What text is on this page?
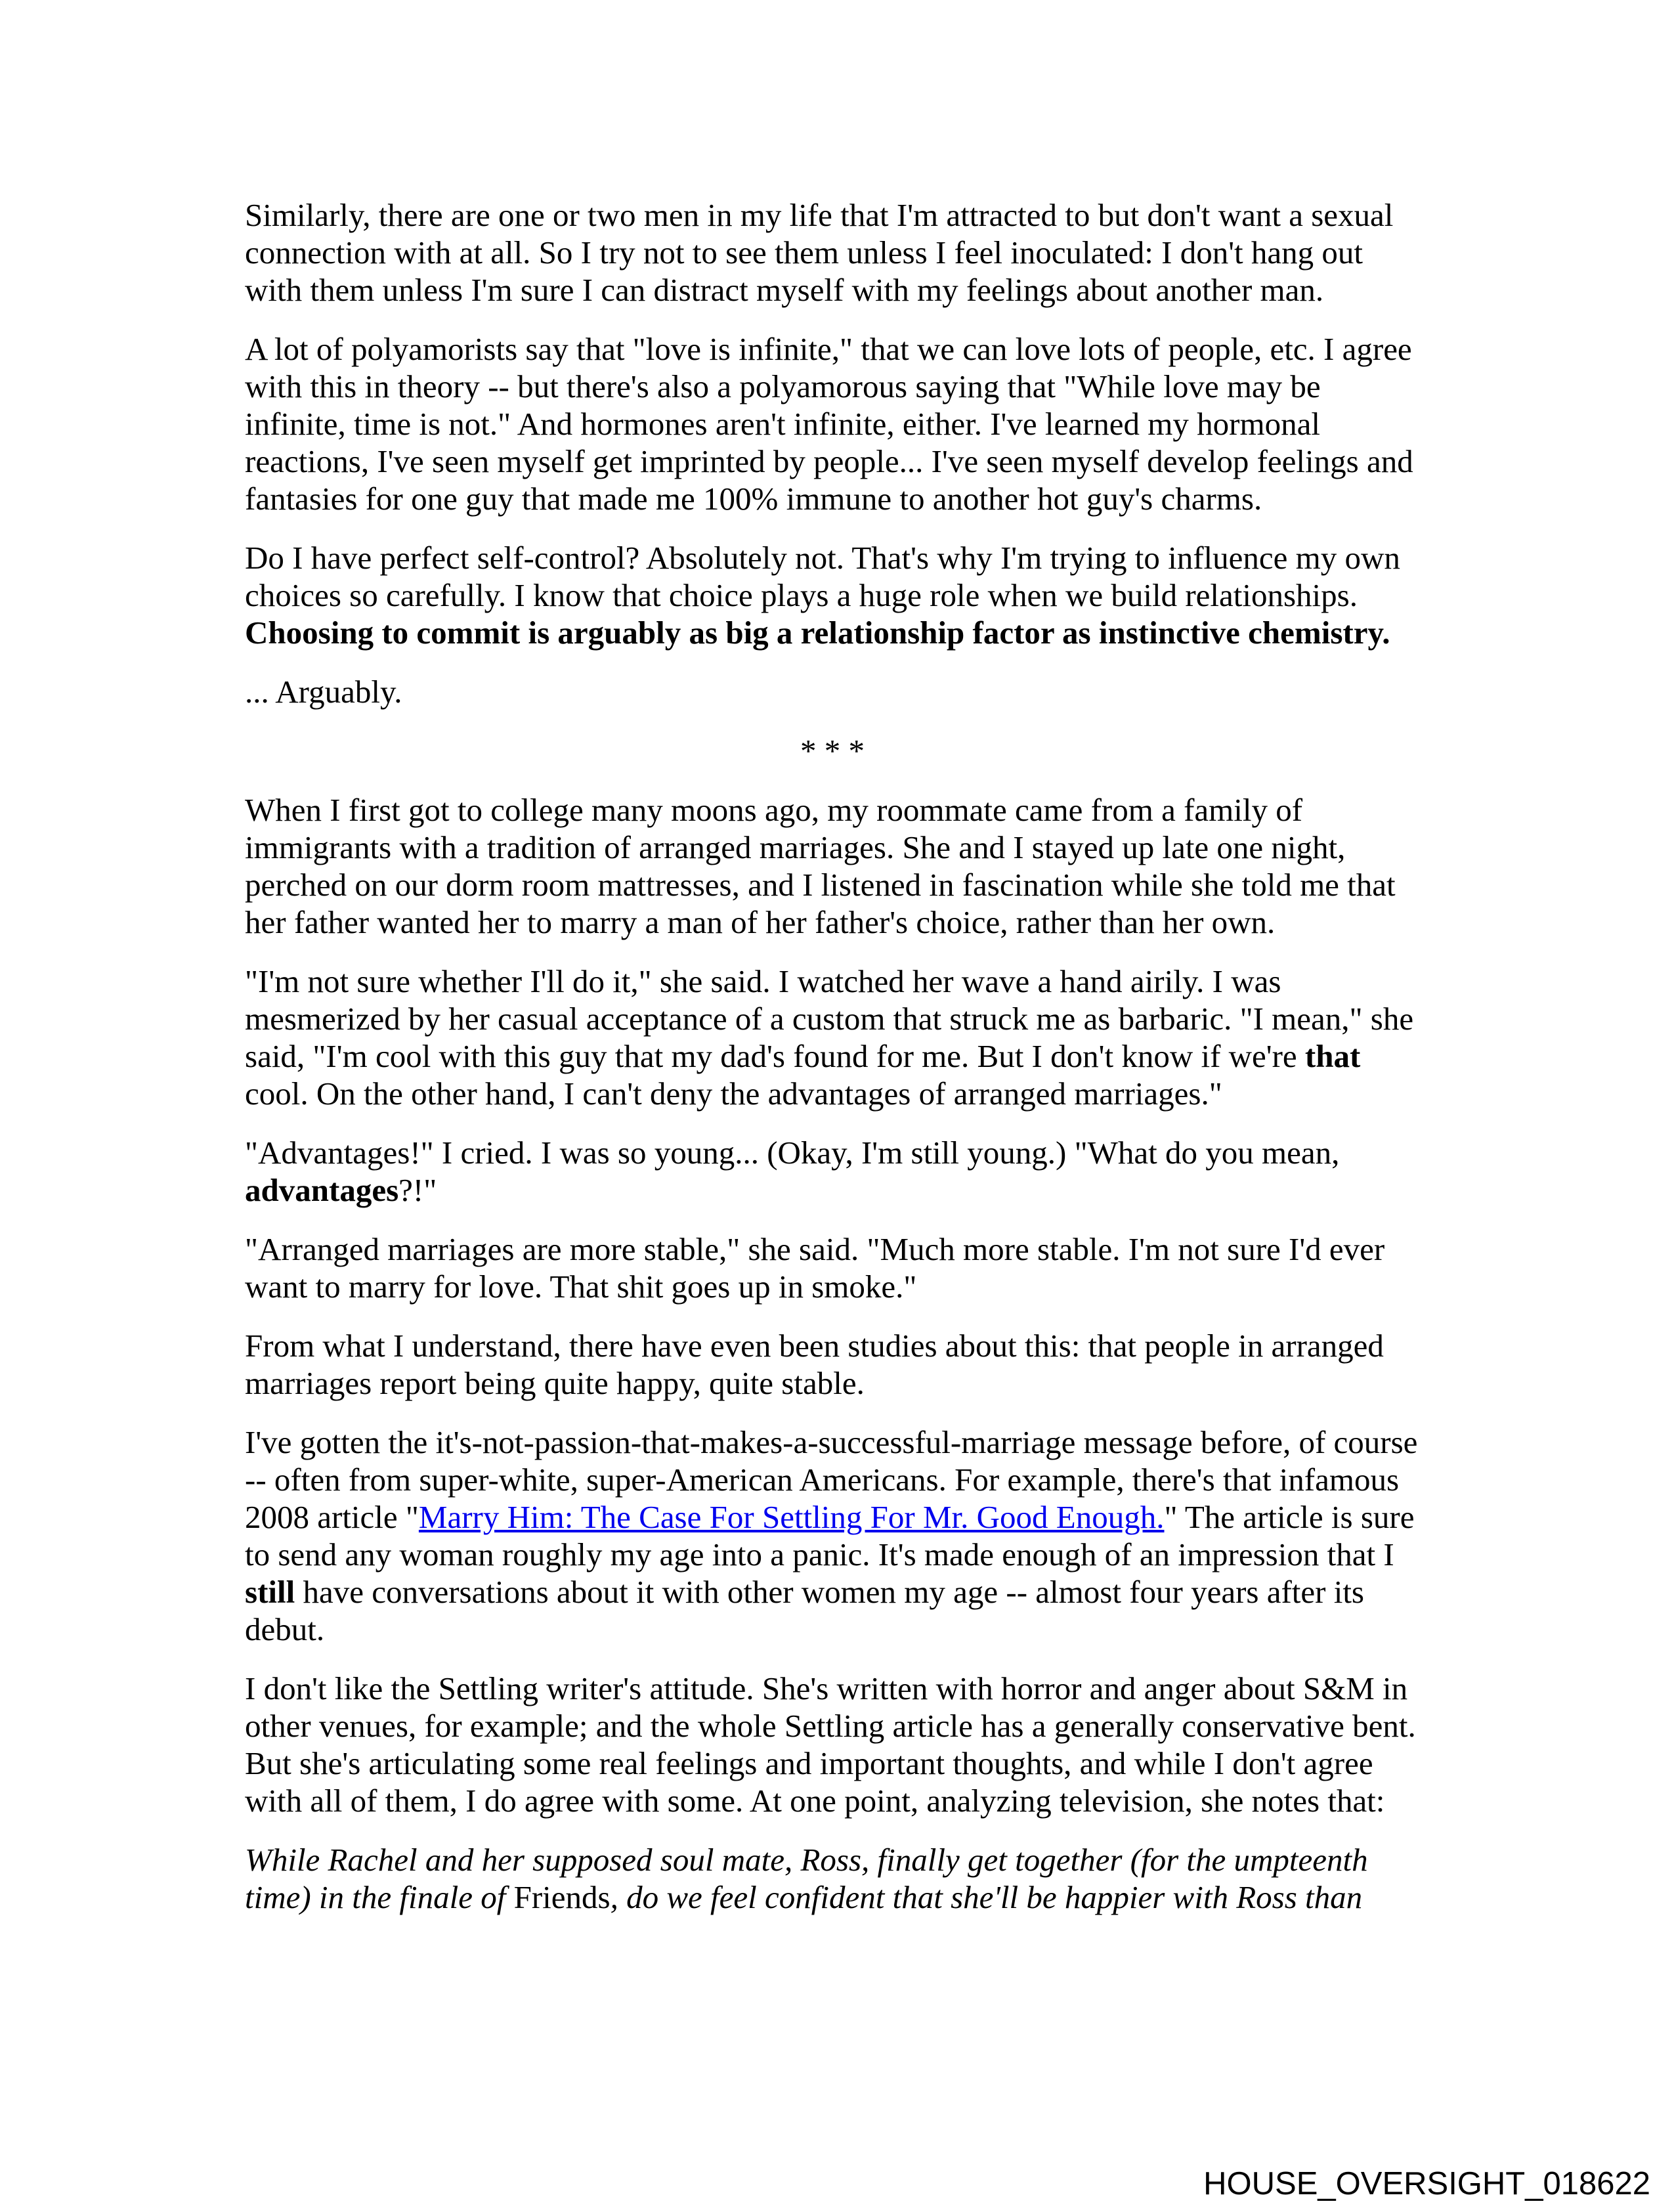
Similarly, there are one or two men in my life that I'm attracted to but don't want a sexual connection with at all. So I try not to see them unless I feel inoculated: I don't hang out with them unless I'm sure I can distract myself with my feelings about another man.

A lot of polyamorists say that "love is infinite," that we can love lots of people, etc. I agree with this in theory -- but there's also a polyamorous saying that "While love may be infinite, time is not." And hormones aren't infinite, either. I've learned my hormonal reactions, I've seen myself get imprinted by people... I've seen myself develop feelings and fantasies for one guy that made me 100% immune to another hot guy's charms.

Do I have perfect self-control? Absolutely not. That's why I'm trying to influence my own choices so carefully. I know that choice plays a huge role when we build relationships. Choosing to commit is arguably as big a relationship factor as instinctive chemistry.

... Arguably.

* * *

When I first got to college many moons ago, my roommate came from a family of immigrants with a tradition of arranged marriages. She and I stayed up late one night, perched on our dorm room mattresses, and I listened in fascination while she told me that her father wanted her to marry a man of her father's choice, rather than her own.

"I'm not sure whether I'll do it," she said. I watched her wave a hand airily. I was mesmerized by her casual acceptance of a custom that struck me as barbaric. "I mean," she said, "I'm cool with this guy that my dad's found for me. But I don't know if we're that cool. On the other hand, I can't deny the advantages of arranged marriages."

"Advantages!" I cried. I was so young... (Okay, I'm still young.) "What do you mean, advantages?!"

"Arranged marriages are more stable," she said. "Much more stable. I'm not sure I'd ever want to marry for love. That shit goes up in smoke."

From what I understand, there have even been studies about this: that people in arranged marriages report being quite happy, quite stable.

I've gotten the it's-not-passion-that-makes-a-successful-marriage message before, of course -- often from super-white, super-American Americans. For example, there's that infamous 2008 article "Marry Him: The Case For Settling For Mr. Good Enough." The article is sure to send any woman roughly my age into a panic. It's made enough of an impression that I still have conversations about it with other women my age -- almost four years after its debut.

I don't like the Settling writer's attitude. She's written with horror and anger about S&M in other venues, for example; and the whole Settling article has a generally conservative bent. But she's articulating some real feelings and important thoughts, and while I don't agree with all of them, I do agree with some. At one point, analyzing television, she notes that:

While Rachel and her supposed soul mate, Ross, finally get together (for the umpteenth time) in the finale of Friends, do we feel confident that she'll be happier with Ross than

HOUSE_OVERSIGHT_018622
